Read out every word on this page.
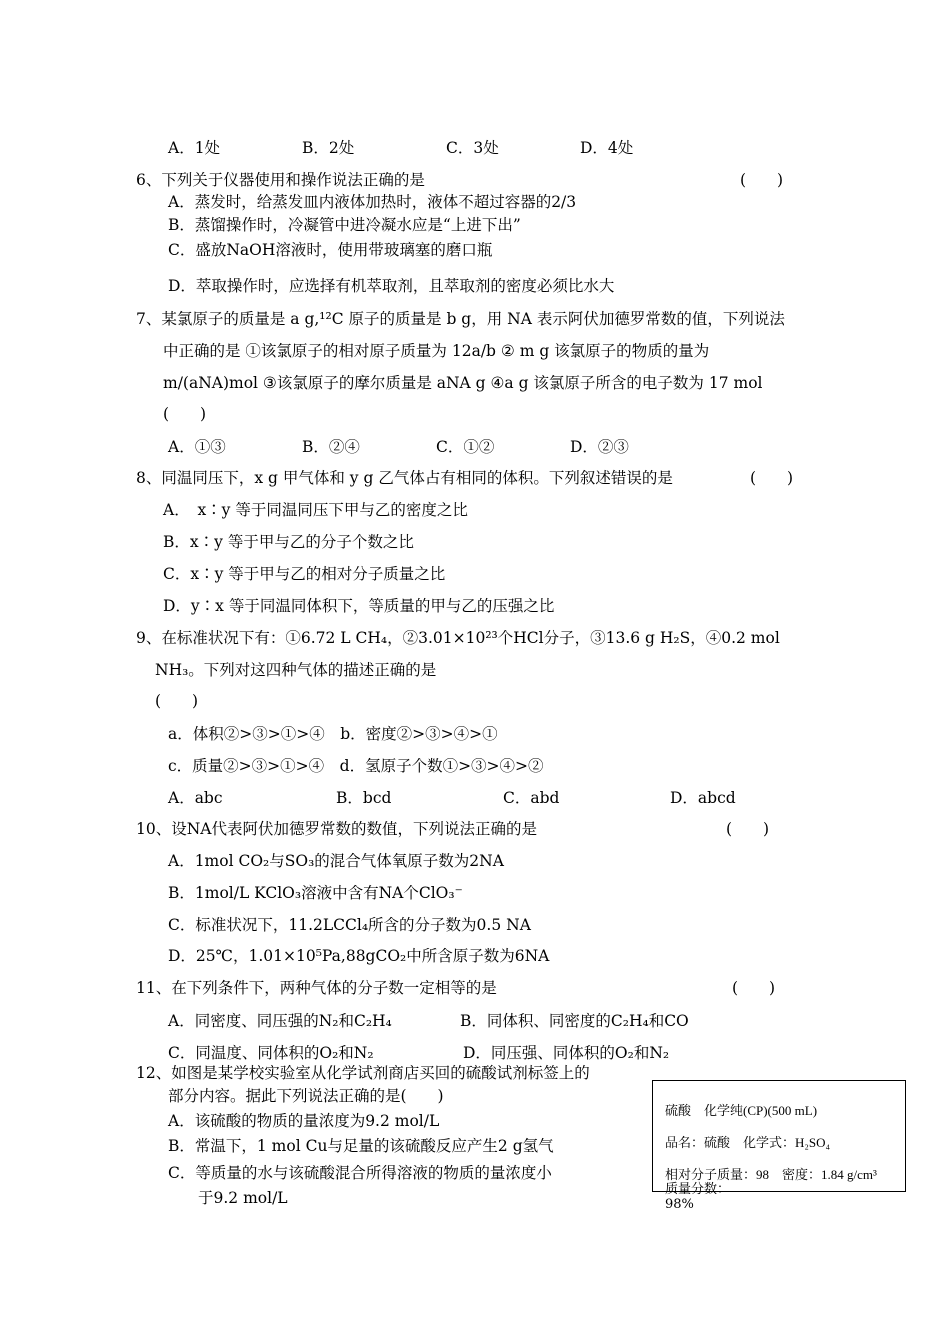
A．1处	B．2处	C．3处	D．4处
6、下列关于仪器使用和操作说法正确的是	(　　)
A．蒸发时，给蒸发皿内液体加热时，液体不超过容器的2/3
B．蒸馏操作时，冷凝管中进冷凝水应是“上进下出”
C．盛放NaOH溶液时，使用带玻璃塞的磨口瓶
D．萃取操作时，应选择有机萃取剂，且萃取剂的密度必须比水大
7、某氯原子的质量是 a g,¹²C 原子的质量是 b g，用 NA 表示阿伏加德罗常数的值，下列说法
中正确的是 ①该氯原子的相对原子质量为 12a/b ② m g 该氯原子的物质的量为
m/(aNA)mol ③该氯原子的摩尔质量是 aNA g ④a g 该氯原子所含的电子数为 17 mol
(　　)
A．①③	B．②④	C．①②	D．②③
8、同温同压下，x g 甲气体和 y g 乙气体占有相同的体积。下列叙述错误的是	(　　)
A．　x∶y 等于同温同压下甲与乙的密度之比
B．x∶y 等于甲与乙的分子个数之比
C．x∶y 等于甲与乙的相对分子质量之比
D．y∶x 等于同温同体积下，等质量的甲与乙的压强之比
9、在标准状况下有：①6.72 L CH₄，②3.01×10²³个HCl分子，③13.6 g H₂S，④0.2 mol
NH₃。下列对这四种气体的描述正确的是
(　　)
a．体积②>③>①>④　b．密度②>③>④>①
c．质量②>③>①>④　d．氢原子个数①>③>④>②
A．abc	B．bcd	C．abd	D．abcd
10、设NA代表阿伏加德罗常数的数值，下列说法正确的是	(　　)
A．1mol CO₂与SO₃的混合气体氧原子数为2NA
B．1mol/L KClO₃溶液中含有NA个ClO₃⁻
C．标准状况下，11.2LCCl₄所含的分子数为0.5 NA
D．25℃，1.01×10⁵Pa,88gCO₂中所含原子数为6NA
11、在下列条件下，两种气体的分子数一定相等的是	(　　)
A．同密度、同压强的N₂和C₂H₄	B．同体积、同密度的C₂H₄和CO
C．同温度、同体积的O₂和N₂	D．同压强、同体积的O₂和N₂
12、如图是某学校实验室从化学试剂商店买回的硫酸试剂标签上的
部分内容。据此下列说法正确的是(　　)
A．该硫酸的物质的量浓度为9.2 mol/L
B．常温下，1 mol Cu与足量的该硫酸反应产生2 g氢气
C．等质量的水与该硫酸混合所得溶液的物质的量浓度小
于9.2 mol/L
硫酸　化学纯(CP)(500 mL)
品名：硫酸　化学式：H₂SO₄
相对分子质量：98　密度：1.84 g/cm³
质量分数：98%
